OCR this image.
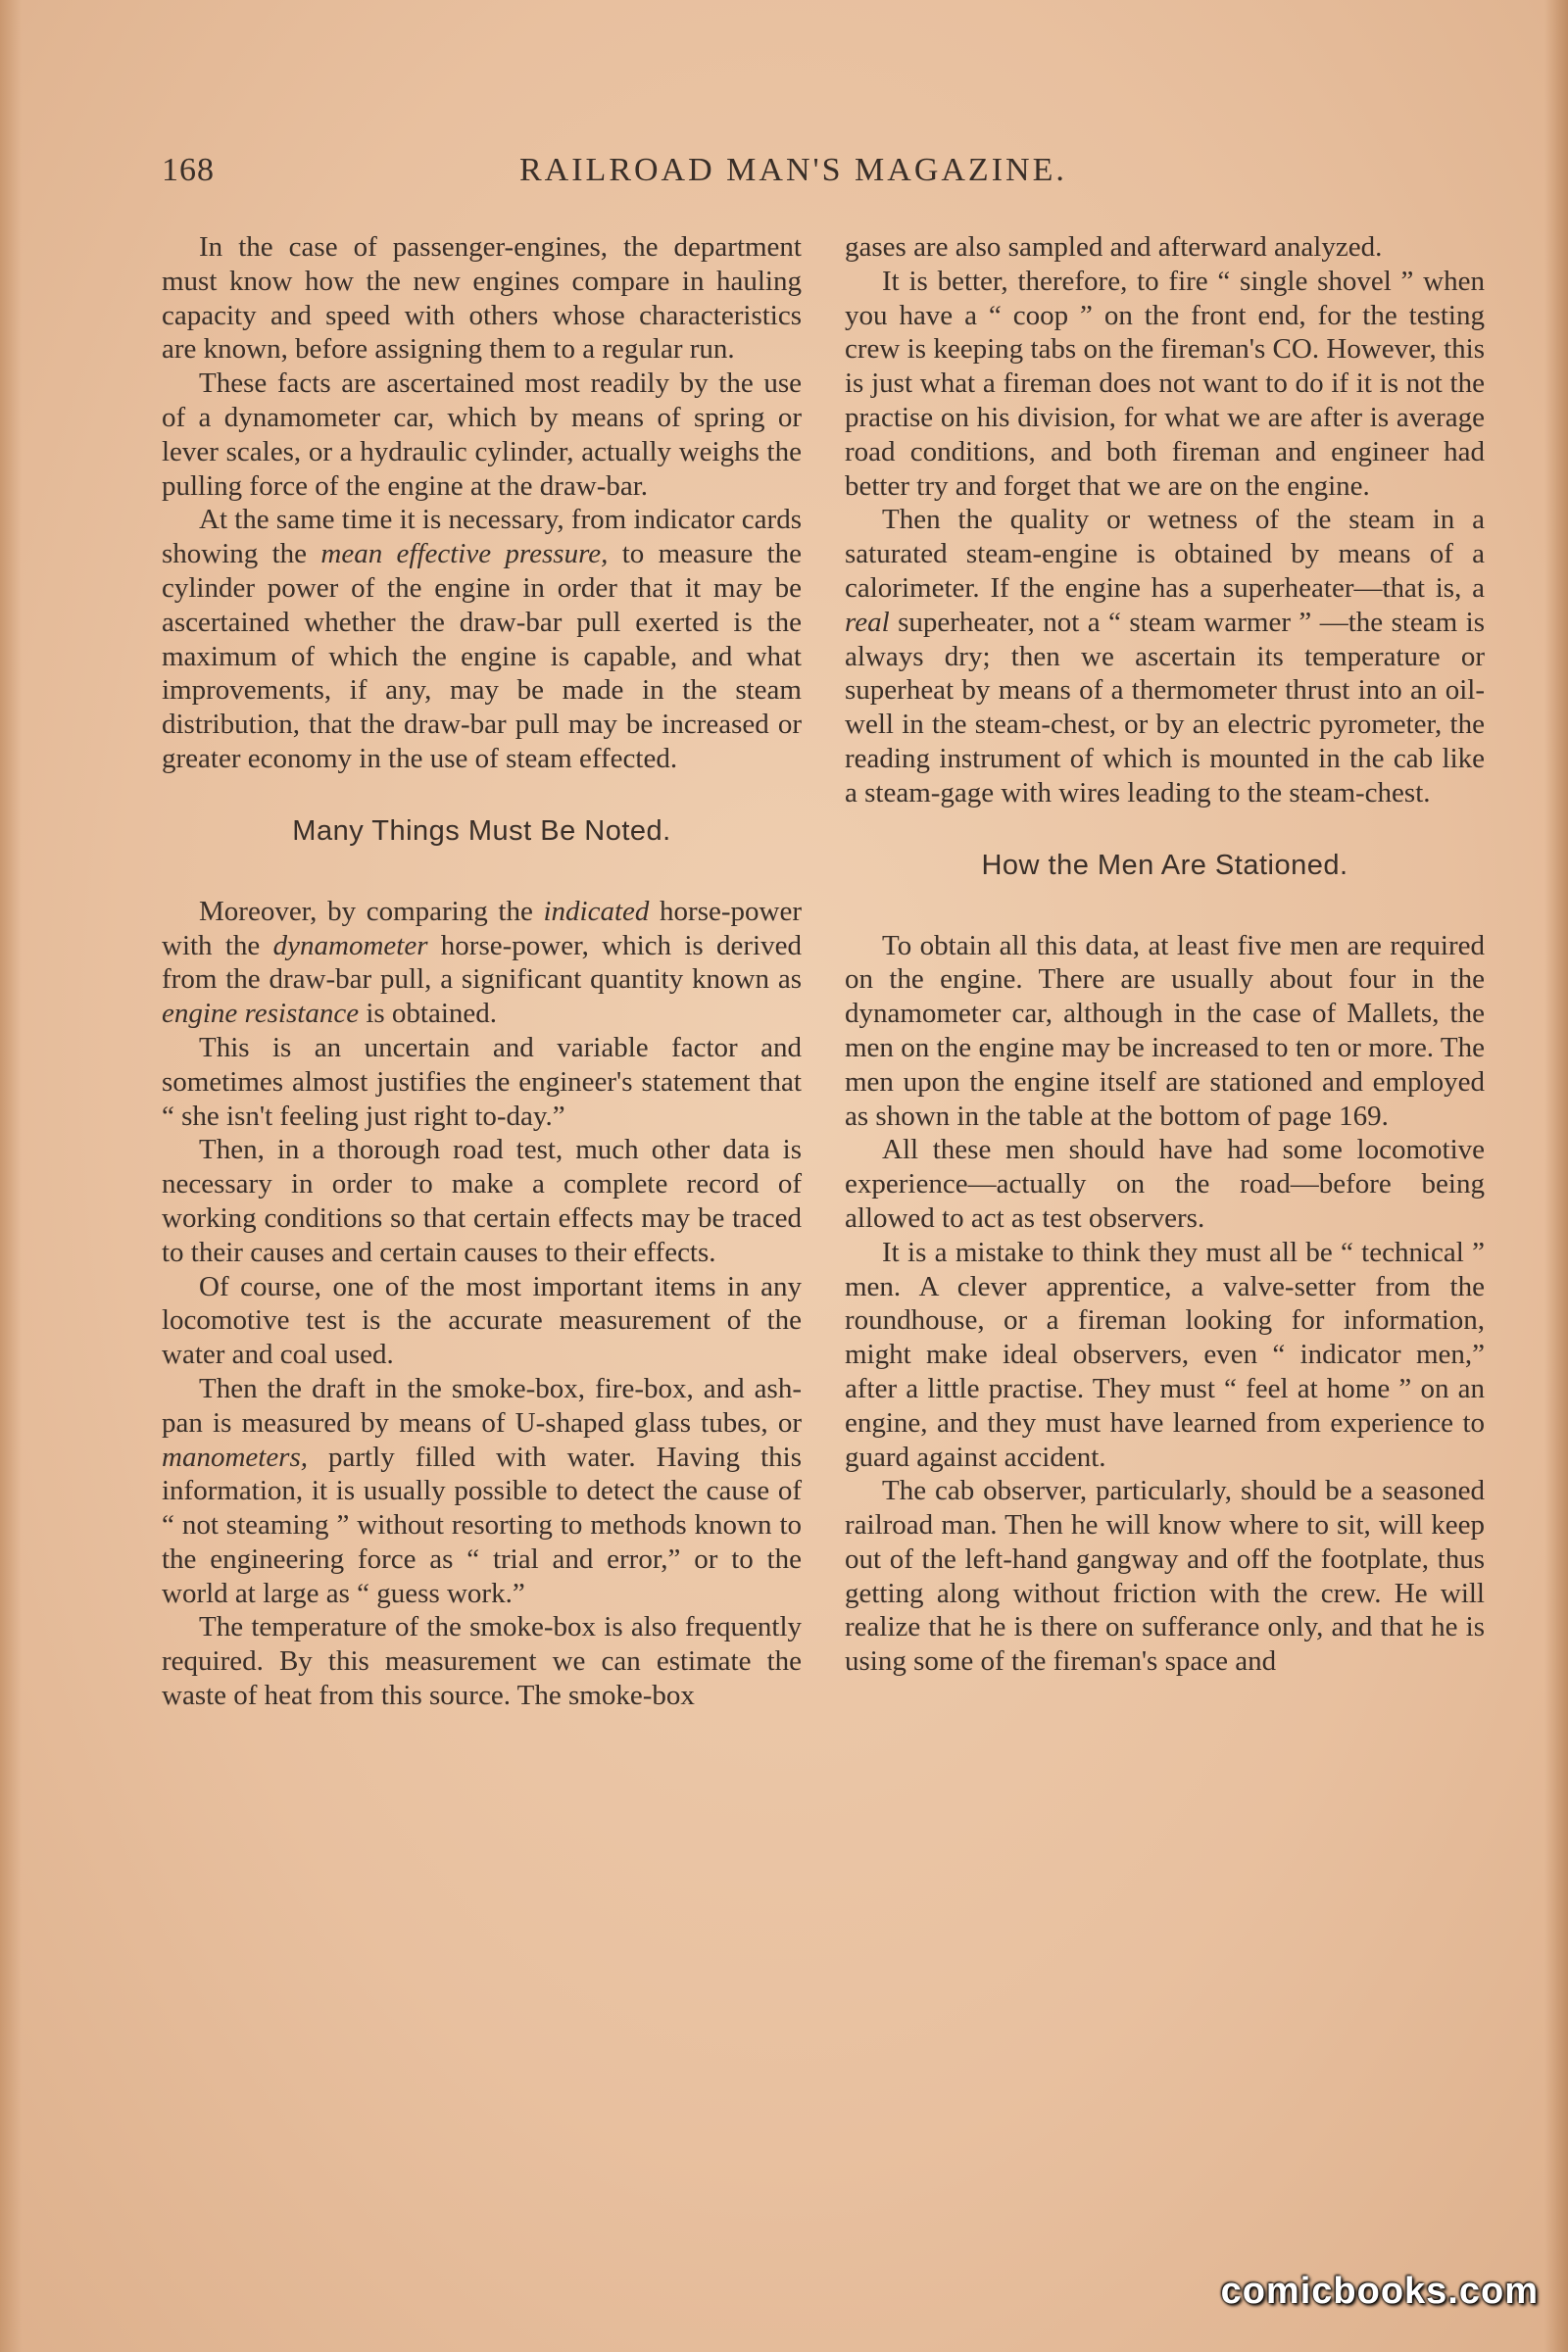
168	RAILROAD MAN'S MAGAZINE.

In the case of passenger-engines, the department must know how the new engines compare in hauling capacity and speed with others whose characteristics are known, before assigning them to a regular run.

These facts are ascertained most readily by the use of a dynamometer car, which by means of spring or lever scales, or a hydraulic cylinder, actually weighs the pulling force of the engine at the draw-bar.

At the same time it is necessary, from indicator cards showing the mean effective pressure, to measure the cylinder power of the engine in order that it may be ascertained whether the draw-bar pull exerted is the maximum of which the engine is capable, and what improvements, if any, may be made in the steam distribution, that the draw-bar pull may be increased or greater economy in the use of steam effected.

Many Things Must Be Noted.

Moreover, by comparing the indicated horse-power with the dynamometer horse-power, which is derived from the draw-bar pull, a significant quantity known as engine resistance is obtained.

This is an uncertain and variable factor and sometimes almost justifies the engineer's statement that “ she isn't feeling just right to-day.”

Then, in a thorough road test, much other data is necessary in order to make a complete record of working conditions so that certain effects may be traced to their causes and certain causes to their effects.

Of course, one of the most important items in any locomotive test is the accurate measurement of the water and coal used.

Then the draft in the smoke-box, fire-box, and ash-pan is measured by means of U-shaped glass tubes, or manometers, partly filled with water. Having this information, it is usually possible to detect the cause of “ not steaming ” without resorting to methods known to the engineering force as “ trial and error,” or to the world at large as “ guess work.”

The temperature of the smoke-box is also frequently required. By this measurement we can estimate the waste of heat from this source. The smoke-box

gases are also sampled and afterward analyzed.

It is better, therefore, to fire “ single shovel ” when you have a “ coop ” on the front end, for the testing crew is keeping tabs on the fireman's CO. However, this is just what a fireman does not want to do if it is not the practise on his division, for what we are after is average road conditions, and both fireman and engineer had better try and forget that we are on the engine.

Then the quality or wetness of the steam in a saturated steam-engine is obtained by means of a calorimeter. If the engine has a superheater—that is, a real superheater, not a “ steam warmer ” —the steam is always dry; then we ascertain its temperature or superheat by means of a thermometer thrust into an oil-well in the steam-chest, or by an electric pyrometer, the reading instrument of which is mounted in the cab like a steam-gage with wires leading to the steam-chest.

How the Men Are Stationed.

To obtain all this data, at least five men are required on the engine. There are usually about four in the dynamometer car, although in the case of Mallets, the men on the engine may be increased to ten or more. The men upon the engine itself are stationed and employed as shown in the table at the bottom of page 169.

All these men should have had some locomotive experience—actually on the road—before being allowed to act as test observers.

It is a mistake to think they must all be “ technical ” men. A clever apprentice, a valve-setter from the roundhouse, or a fireman looking for information, might make ideal observers, even “ indicator men,” after a little practise. They must “ feel at home ” on an engine, and they must have learned from experience to guard against accident.

The cab observer, particularly, should be a seasoned railroad man. Then he will know where to sit, will keep out of the left-hand gangway and off the footplate, thus getting along without friction with the crew. He will realize that he is there on sufferance only, and that he is using some of the fireman's space and

comicbooks.com
